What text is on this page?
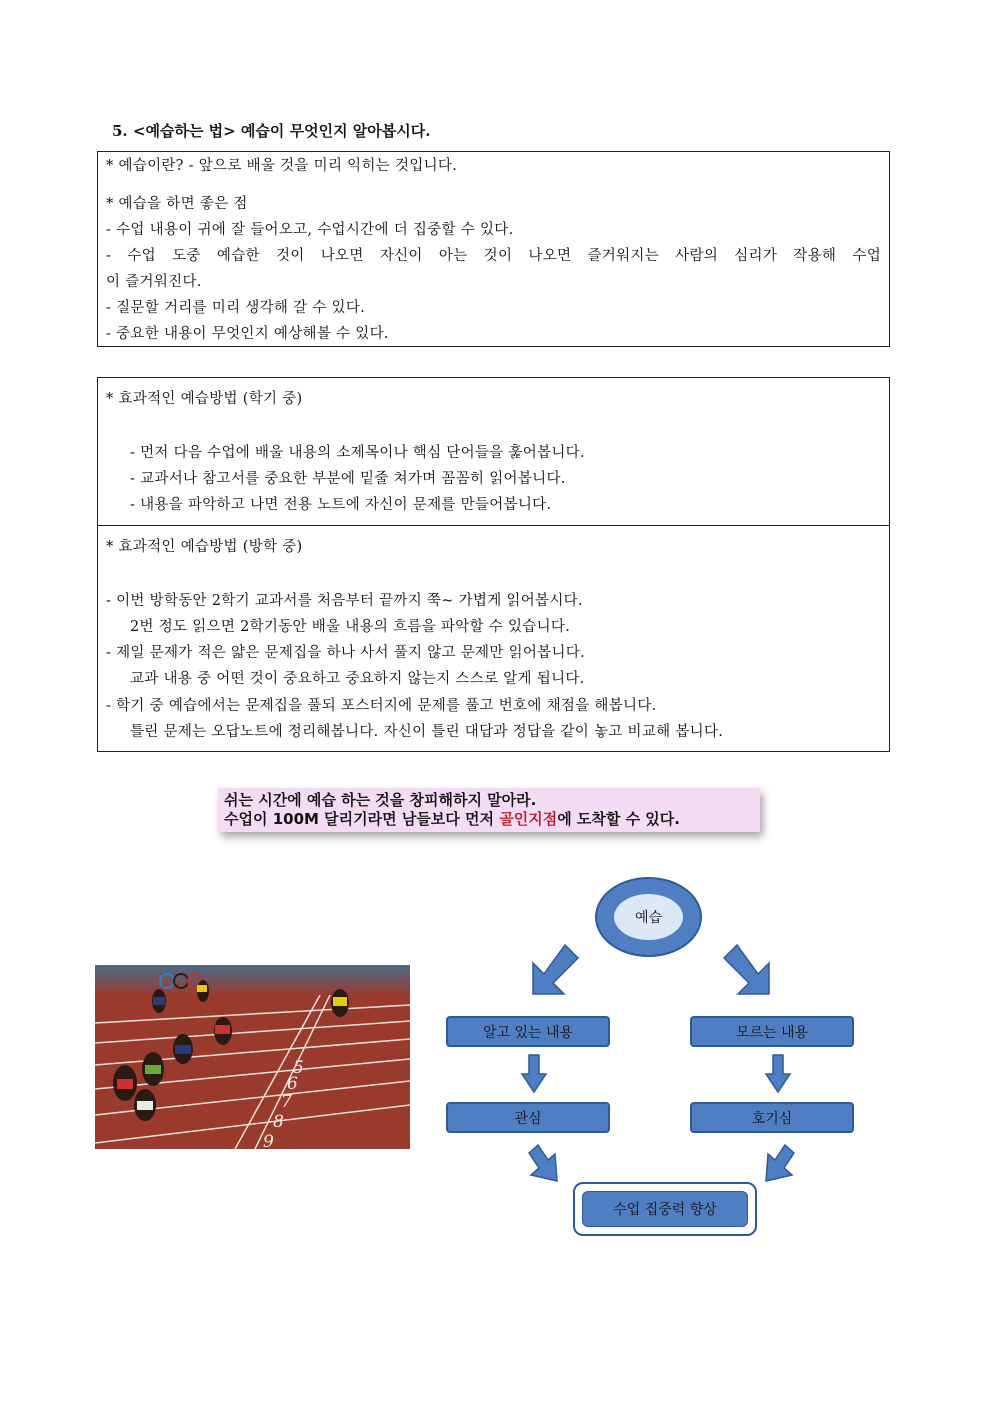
5. <예습하는 법> 예습이 무엇인지 알아봅시다.
* 예습이란? - 앞으로 배울 것을 미리 익히는 것입니다.
* 예습을 하면 좋은 점
- 수업 내용이 귀에 잘 들어오고, 수업시간에 더 집중할 수 있다.
- 수업 도중 예습한 것이 나오면 자신이 아는 것이 나오면 즐거워지는 사람의 심리가 작용해 수업
이 즐거워진다.
- 질문할 거리를 미리 생각해 갈 수 있다.
- 중요한 내용이 무엇인지 예상해볼 수 있다.
* 효과적인 예습방법 (학기 중)
- 먼저 다음 수업에 배울 내용의 소제목이나 핵심 단어들을 훑어봅니다.
- 교과서나 참고서를 중요한 부분에 밑줄 쳐가며 꼼꼼히 읽어봅니다.
- 내용을 파악하고 나면 전용 노트에 자신이 문제를 만들어봅니다.
* 효과적인 예습방법 (방학 중)
- 이번 방학동안 2학기 교과서를 처음부터 끝까지 쭉~ 가볍게 읽어봅시다.
2번 정도 읽으면 2학기동안 배울 내용의 흐름을 파악할 수 있습니다.
- 제일 문제가 적은 얇은 문제집을 하나 사서 풀지 않고 문제만 읽어봅니다.
교과 내용 중 어떤 것이 중요하고 중요하지 않는지 스스로 알게 됩니다.
- 학기 중 예습에서는 문제집을 풀되 포스터지에 문제를 풀고 번호에 채점을 해봅니다.
틀린 문제는 오답노트에 정리해봅니다. 자신이 틀린 대답과 정답을 같이 놓고 비교해 봅니다.
쉬는 시간에 예습 하는 것을 창피해하지 말아라.
수업이 100M 달리기라면 남들보다 먼저 골인지점에 도착할 수 있다.
5
6
7
8
9
예습
알고 있는 내용	모르는 내용
관심	호기심
수업 집중력 향상
